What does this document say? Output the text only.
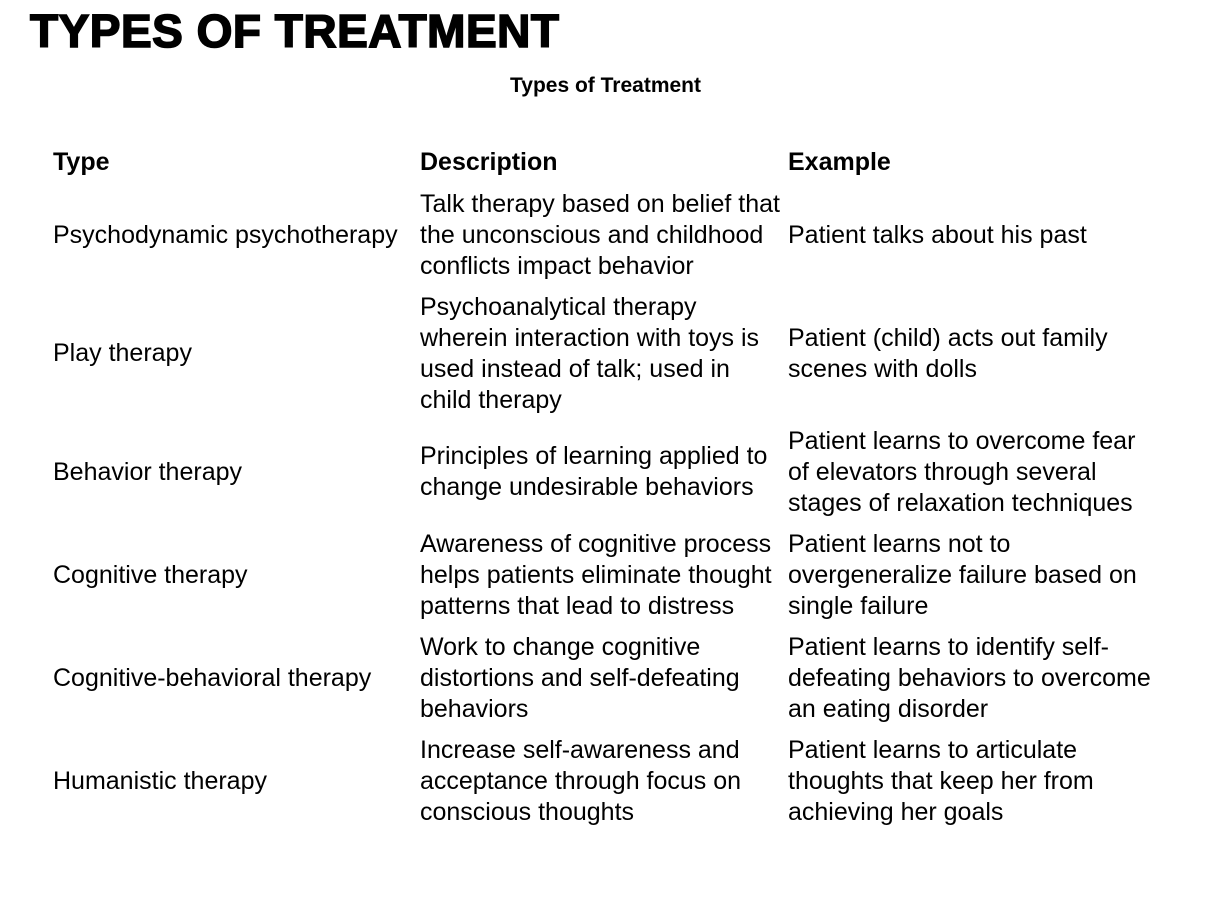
TYPES OF TREATMENT
Types of Treatment
Type	Description	Example
Psychodynamic psychotherapy	Talk therapy based on belief that the unconscious and childhood conflicts impact behavior	Patient talks about his past
Play therapy	Psychoanalytical therapy wherein interaction with toys is used instead of talk; used in child therapy	Patient (child) acts out family scenes with dolls
Behavior therapy	Principles of learning applied to change undesirable behaviors	Patient learns to overcome fear of elevators through several stages of relaxation techniques
Cognitive therapy	Awareness of cognitive process helps patients eliminate thought patterns that lead to distress	Patient learns not to overgeneralize failure based on single failure
Cognitive-behavioral therapy	Work to change cognitive distortions and self-defeating behaviors	Patient learns to identify self-defeating behaviors to overcome an eating disorder
Humanistic therapy	Increase self-awareness and acceptance through focus on conscious thoughts	Patient learns to articulate thoughts that keep her from achieving her goals
